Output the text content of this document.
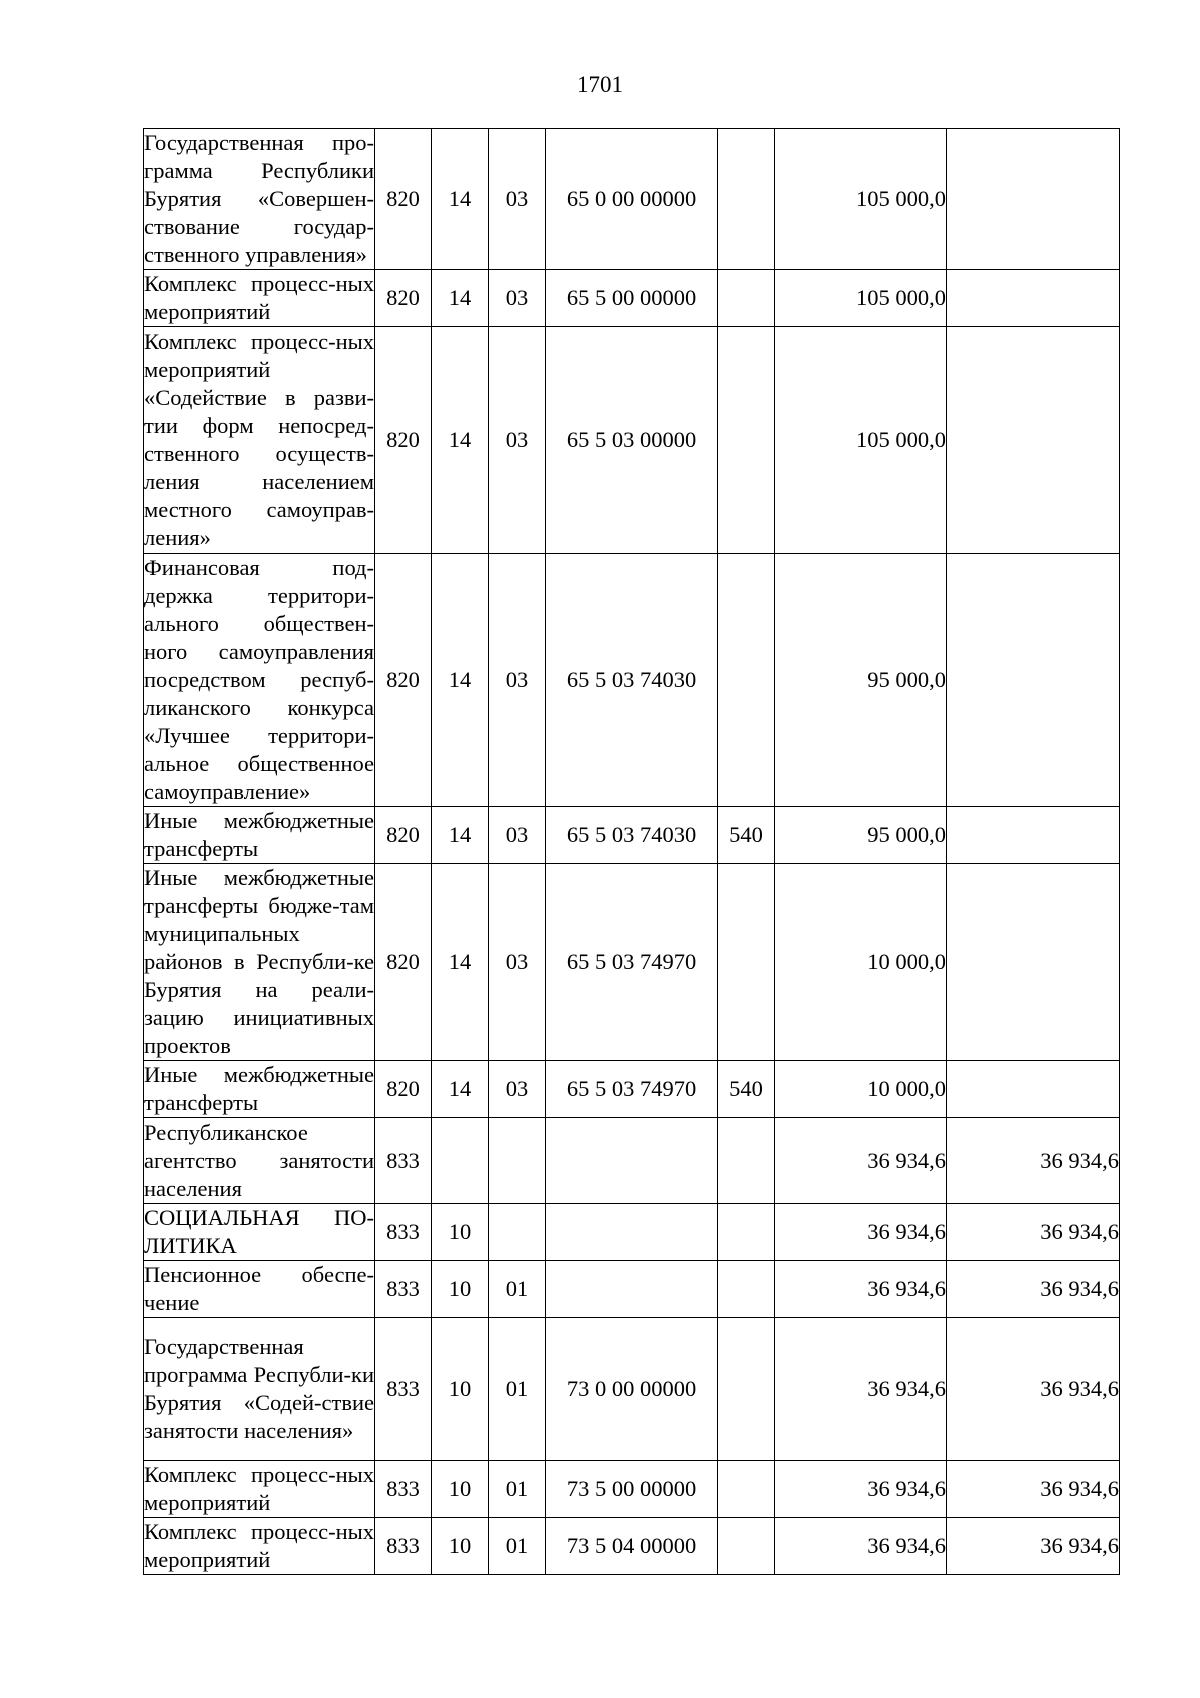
1701
Государственная про-грамма Республики Бурятия «Совершен-ствование государ-ственного управления»	820	14	03	65 0 00 00000		105 000,0	
Комплекс процесс-ных мероприятий	820	14	03	65 5 00 00000		105 000,0	
Комплекс процесс-ных мероприятий «Содействие в разви-тии форм непосред-ственного осуществ-ления населением местного самоуправ-ления»	820	14	03	65 5 03 00000		105 000,0	
Финансовая под-держка территори-ального обществен-ного самоуправления посредством респуб-ликанского конкурса «Лучшее территори-альное общественное самоуправление»	820	14	03	65 5 03 74030		95 000,0	
Иные межбюджетные трансферты	820	14	03	65 5 03 74030	540	95 000,0	
Иные межбюджетные трансферты бюдже-там муниципальных районов в Республи-ке Бурятия на реали-зацию инициативных проектов	820	14	03	65 5 03 74970		10 000,0	
Иные межбюджетные трансферты	820	14	03	65 5 03 74970	540	10 000,0	
Республиканское агентство занятости населения	833					36 934,6	36 934,6
СОЦИАЛЬНАЯ ПО-ЛИТИКА	833	10				36 934,6	36 934,6
Пенсионное обеспе-чение	833	10	01			36 934,6	36 934,6
Государственная программа Республи-ки Бурятия «Содей-ствие занятости населения»	833	10	01	73 0 00 00000		36 934,6	36 934,6
Комплекс процесс-ных мероприятий	833	10	01	73 5 00 00000		36 934,6	36 934,6
Комплекс процесс-ных мероприятий	833	10	01	73 5 04 00000		36 934,6	36 934,6
